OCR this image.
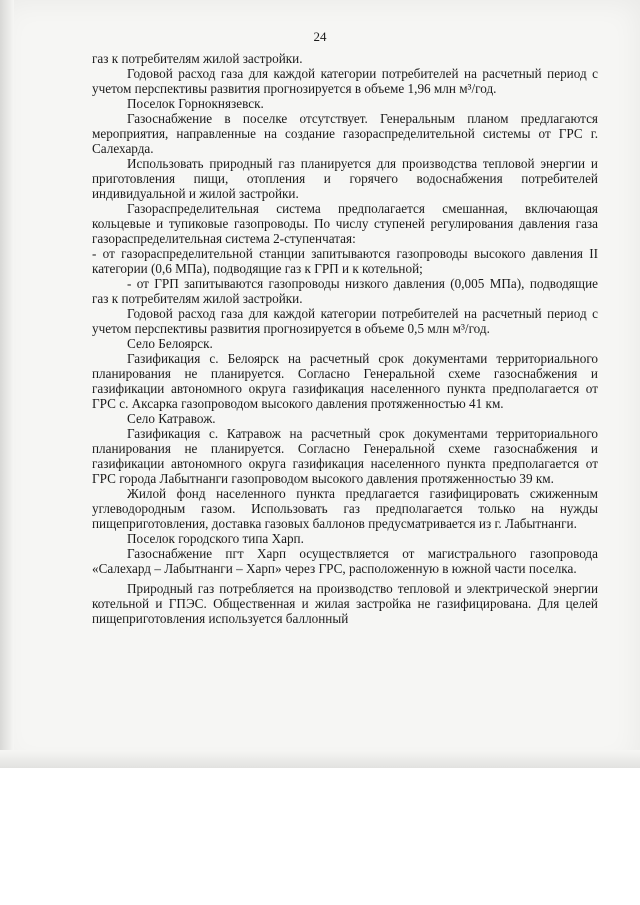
24

газ к потребителям жилой застройки.

Годовой расход газа для каждой категории потребителей на расчетный период с учетом перспективы развития прогнозируется в объеме 1,96 млн м³/год.

Поселок Горнокнязевск.

Газоснабжение в поселке отсутствует. Генеральным планом предлагаются мероприятия, направленные на создание газораспределительной системы от ГРС г. Салехарда.

Использовать природный газ планируется для производства тепловой энергии и приготовления пищи, отопления и горячего водоснабжения потребителей индивидуальной и жилой застройки.

Газораспределительная система предполагается смешанная, включающая кольцевые и тупиковые газопроводы. По числу ступеней регулирования давления газа газораспределительная система 2-ступенчатая:

- от газораспределительной станции запитываются газопроводы высокого давления II категории (0,6 МПа), подводящие газ к ГРП и к котельной;

- от ГРП запитываются газопроводы низкого давления (0,005 МПа), подводящие газ к потребителям жилой застройки.

Годовой расход газа для каждой категории потребителей на расчетный период с учетом перспективы развития прогнозируется в объеме 0,5 млн м³/год.

Село Белоярск.

Газификация с. Белоярск на расчетный срок документами территориального планирования не планируется. Согласно Генеральной схеме газоснабжения и газификации автономного округа газификация населенного пункта предполагается от ГРС с. Аксарка газопроводом высокого давления протяженностью 41 км.

Село Катравож.

Газификация с. Катравож на расчетный срок документами территориального планирования не планируется. Согласно Генеральной схеме газоснабжения и газификации автономного округа газификация населенного пункта предполагается от ГРС города Лабытнанги газопроводом высокого давления протяженностью 39 км.

Жилой фонд населенного пункта предлагается газифицировать сжиженным углеводородным газом. Использовать газ предполагается только на нужды пищеприготовления, доставка газовых баллонов предусматривается из г. Лабытнанги.

Поселок городского типа Харп.

Газоснабжение пгт Харп осуществляется от магистрального газопровода «Салехард – Лабытнанги – Харп» через ГРС, расположенную в южной части поселка.

Природный газ потребляется на производство тепловой и электрической энергии котельной и ГПЭС. Общественная и жилая застройка не газифицирована. Для целей пищеприготовления используется баллонный
